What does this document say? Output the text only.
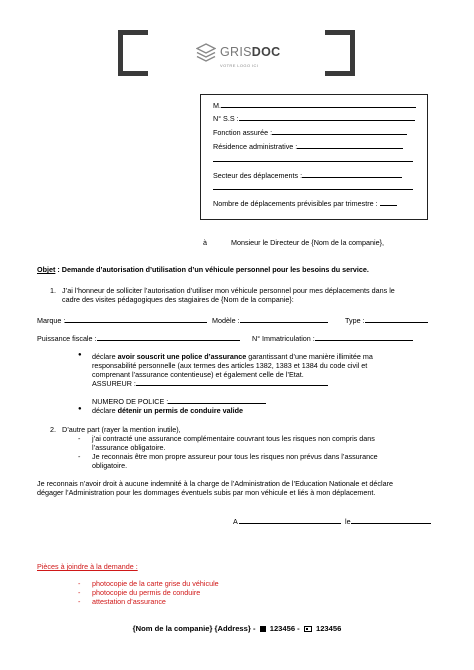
GRISDOC
VOTRE LOGO ICI
M.
N° S.S :
Fonction assurée :
Résidence administrative :
Secteur des déplacements :
Nombre de déplacements prévisibles par trimestre :
à	Monsieur le Directeur de {Nom de la companie},
Objet : Demande d’autorisation d’utilisation d’un véhicule personnel pour les besoins du service.
1. J’ai l’honneur de solliciter l’autorisation d’utiliser mon véhicule personnel pour mes déplacements dans le
cadre des visites pédagogiques des stagiaires de {Nom de la companie}:
Marque :	Modèle :	Type :
Puissance fiscale :	N° Immatriculation :
● déclare avoir souscrit une police d’assurance garantissant d’une manière illimitée ma
responsabilité personnelle (aux termes des articles 1382, 1383 et 1384 du code civil et
comprenant l’assurance contentieuse) et également celle de l’Etat.
ASSUREUR :
NUMERO DE POLICE :
● déclare détenir un permis de conduire valide
2. D’autre part (rayer la mention inutile),
- j’ai contracté une assurance complémentaire couvrant tous les risques non compris dans
l’assurance obligatoire.
- Je reconnais être mon propre assureur pour tous les risques non prévus dans l’assurance
obligatoire.
Je reconnais n’avoir droit à aucune indemnité à la charge de l’Administration de l’Education Nationale et déclare
dégager l’Administration pour les dommages éventuels subis par mon véhicule et liés à mon déplacement.
A	le
Pièces à joindre à la demande :
- photocopie de la carte grise du véhicule
- photocopie du permis de conduire
- attestation d’assurance
{Nom de la companie} {Address} - 123456 - 123456
